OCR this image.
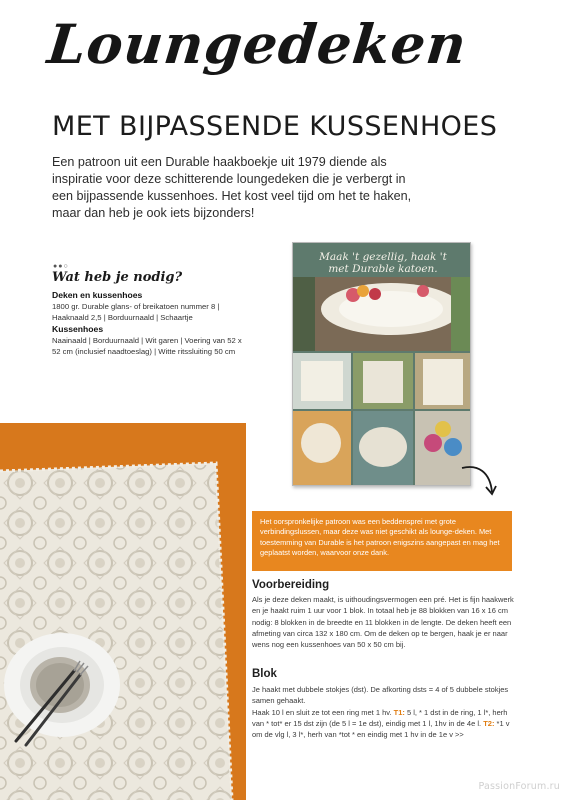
Loungedeken
MET BIJPASSENDE KUSSENHOES

Een patroon uit een Durable haakboekje uit 1979 diende als inspiratie voor deze schitterende loungedeken die je verbergt in een bijpassende kussenhoes. Het kost veel tijd om het te haken, maar dan heb je ook iets bijzonders!

●●○
Wat heb je nodig?
Deken en kussenhoes

1800 gr. Durable glans- of breikatoen nummer 8 | Haaknaald 2,5 | Borduurnaald | Schaartje

Kussenhoes

Naainaald | Borduurnaald | Wit garen | Voering van 52 x 52 cm (inclusief naadtoeslag) | Witte ritssluiting 50 cm

Maak 't gezellig, haak 't
met Durable katoen.
Het oorspronkelijke patroon was een beddensprei met grote verbindingslussen, maar deze was niet geschikt als lounge-deken. Met toestemming van Durable is het patroon enigszins aangepast en mag het geplaatst worden, waarvoor onze dank.
Voorbereiding

Als je deze deken maakt, is uithoudingsvermogen een pré. Het is fijn haakwerk en je haakt ruim 1 uur voor 1 blok. In totaal heb je 88 blokken van 16 x 16 cm nodig: 8 blokken in de breedte en 11 blokken in de lengte. De deken heeft een afmeting van circa 132 x 180 cm. Om de deken op te bergen, haak je er naar wens nog een kussenhoes van 50 x 50 cm bij.

Blok

Je haakt met dubbele stokjes (dst). De afkorting dsts = 4 of 5 dubbele stokjes samen gehaakt.

Haak 10 l en sluit ze tot een ring met 1 hv. T1: 5 l, * 1 dst in de ring, 1 l*, herh van * tot* er 15 dst zijn (de 5 l = 1e dst), eindig met 1 l, 1hv in de 4e l. T2: *1 v om de vlg l, 3 l*, herh van *tot * en eindig met 1 hv in de 1e v >>

PassionForum.ru
